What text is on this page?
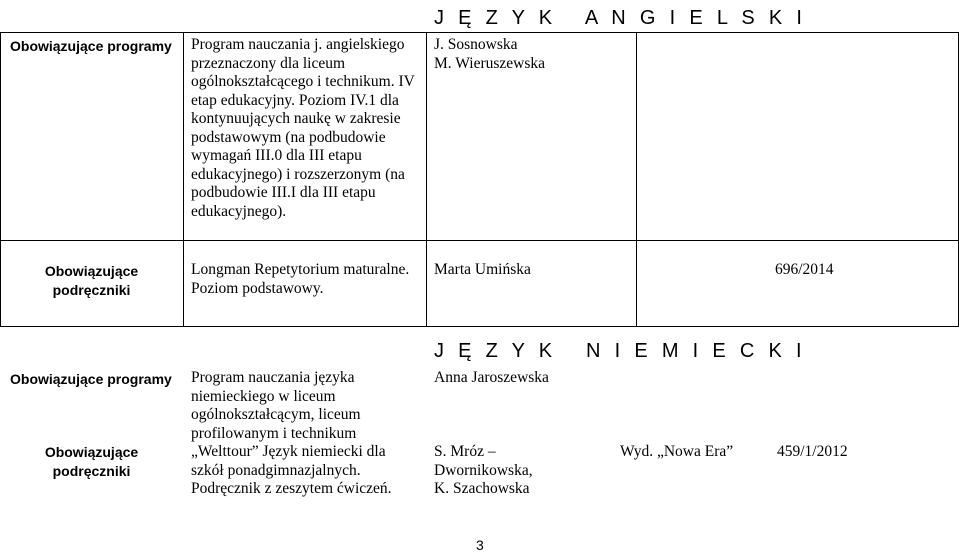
J Ę Z Y K   A N G I E L S K I
Obowiązujące programy Program nauczania j. angielskiego przeznaczony dla liceum ogólnokształcącego i technikum. IV etap edukacyjny. Poziom IV.1 dla kontynuujących naukę w zakresie podstawowym (na podbudowie wymagań III.0 dla III etapu edukacyjnego) i rozszerzonym (na podbudowie III.I dla III etapu edukacyjnego).
J. Sosnowska
M. Wieruszewska
Obowiązujące
podręczniki
Longman Repetytorium maturalne.
Poziom podstawowy.
Marta Umińska	696/2014
J Ę Z Y K   N I E M I E C K I
Obowiązujące programy
Obowiązujące
podręczniki
Program nauczania języka niemieckiego w liceum ogólnokształcącym, liceum profilowanym i technikum
„Welttour” Język niemiecki dla szkół ponadgimnazjalnych. Podręcznik z zeszytem ćwiczeń.
Anna Jaroszewska
S. Mróz –
Dwornikowska,
K. Szachowska
Wyd. „Nowa Era”	459/1/2012
3
